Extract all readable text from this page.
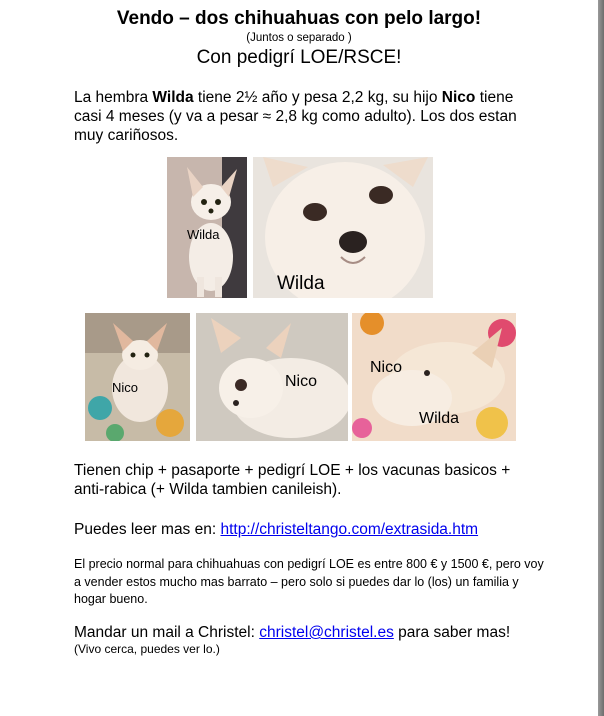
Vendo – dos chihuahuas con pelo largo!
(Juntos o separado )
Con pedigrí LOE/RSCE!
La hembra Wilda tiene 2½ año y pesa 2,2 kg, su hijo Nico tiene casi 4 meses (y va a pesar ≈ 2,8 kg como adulto). Los dos estan muy cariñosos.
Wilda
Wilda
Nico	Nico
Nico
Wilda
Tienen chip + pasaporte + pedigrí LOE + los vacunas basicos + anti-rabica (+ Wilda tambien canileish).
Puedes leer mas en: http://christeltango.com/extrasida.htm
El precio normal para chihuahuas con pedigrí LOE es entre 800 € y 1500 €, pero voy a vender estos mucho mas barrato – pero solo si puedes dar lo (los) un familia y hogar bueno.
Mandar un mail a Christel: christel@christel.es para saber mas!
(Vivo cerca, puedes ver lo.)
